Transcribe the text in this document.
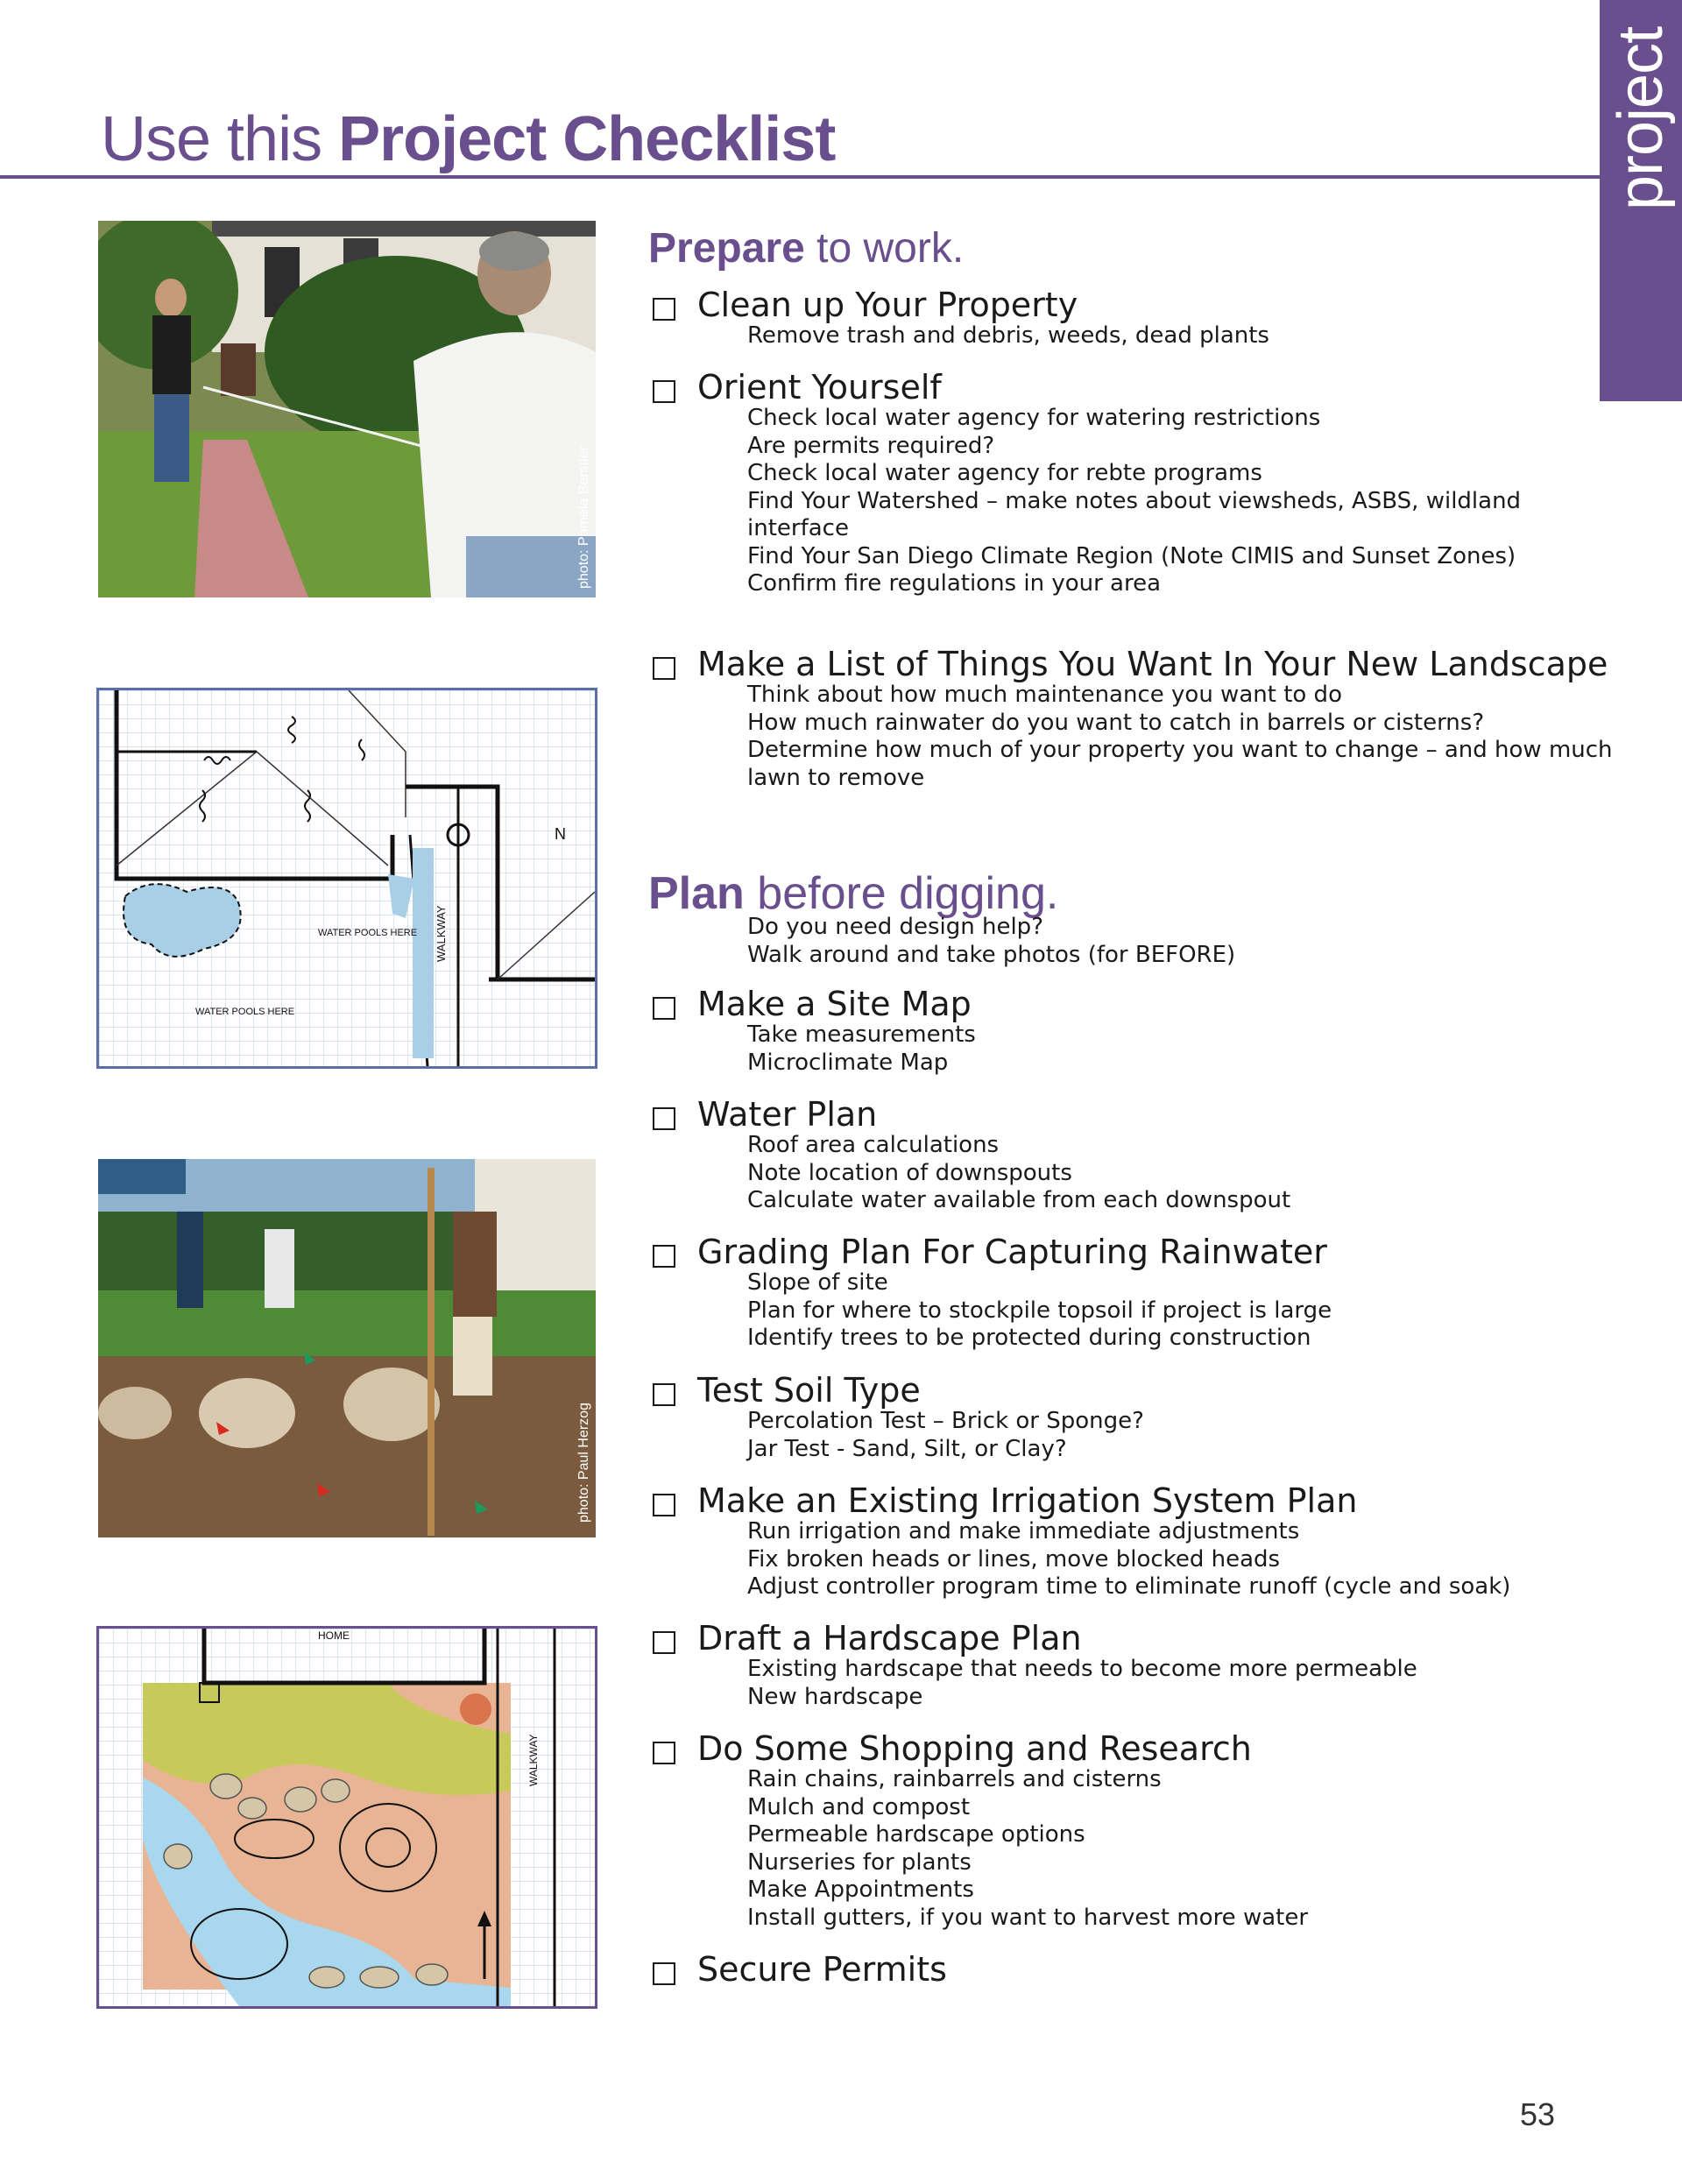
project
Use this Project Checklist
photo: Pamela Berstler
WATER POOLS HERE
WATER POOLS HERE
WALKWAY
N
photo: Paul Herzog
HOME
WALKWAY
Prepare to work.
Clean up Your Property
Remove trash and debris, weeds, dead plants
Orient Yourself
Check local water agency for watering restrictions
Are permits required?
Check local water agency for rebte programs
Find Your Watershed – make notes about viewsheds, ASBS, wildland interface
Find Your San Diego Climate Region (Note CIMIS and Sunset Zones)
Confirm fire regulations in your area
Make a List of Things You Want In Your New Landscape
Think about how much maintenance you want to do
How much rainwater do you want to catch in barrels or cisterns?
Determine how much of your property you want to change – and how much lawn to remove
Plan before digging.
Do you need design help?
Walk around and take photos (for BEFORE)
Make a Site Map
Take measurements
Microclimate Map
Water Plan
Roof area calculations
Note location of downspouts
Calculate water available from each downspout
Grading Plan For Capturing Rainwater
Slope of site
Plan for where to stockpile topsoil if project is large
Identify trees to be protected during construction
Test Soil Type
Percolation Test – Brick or Sponge?
Jar Test - Sand, Silt, or Clay?
Make an Existing Irrigation System Plan
Run irrigation and make immediate adjustments
Fix broken heads or lines, move blocked heads
Adjust controller program time to eliminate runoff (cycle and soak)
Draft a Hardscape Plan
Existing hardscape that needs to become more permeable
New hardscape
Do Some Shopping and Research
Rain chains, rainbarrels and cisterns
Mulch and compost
Permeable hardscape options
Nurseries for plants
Make Appointments
Install gutters, if you want to harvest more water
Secure Permits
53
